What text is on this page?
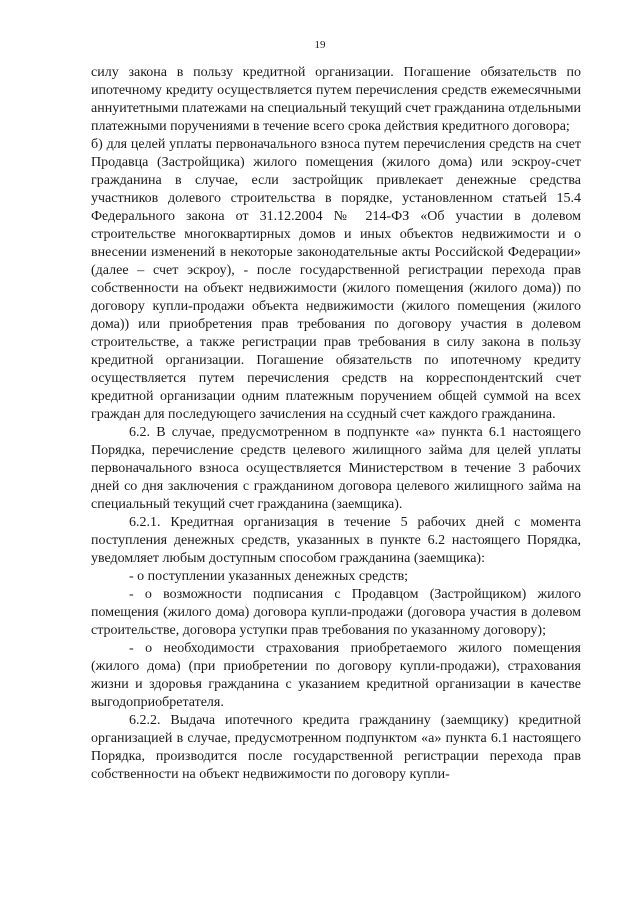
19

силу закона в пользу кредитной организации. Погашение обязательств по ипотечному кредиту осуществляется путем перечисления средств ежемесячными аннуитетными платежами на специальный текущий счет гражданина отдельными платежными поручениями в течение всего срока действия кредитного договора;

б) для целей уплаты первоначального взноса путем перечисления средств на счет Продавца (Застройщика) жилого помещения (жилого дома) или эскроу-счет гражданина в случае, если застройщик привлекает денежные средства участников долевого строительства в порядке, установленном статьей 15.4 Федерального закона от 31.12.2004 № 214-ФЗ «Об участии в долевом строительстве многоквартирных домов и иных объектов недвижимости и о внесении изменений в некоторые законодательные акты Российской Федерации» (далее – счет эскроу), - после государственной регистрации перехода прав собственности на объект недвижимости (жилого помещения (жилого дома)) по договору купли-продажи объекта недвижимости (жилого помещения (жилого дома)) или приобретения прав требования по договору участия в долевом строительстве, а также регистрации прав требования в силу закона в пользу кредитной организации. Погашение обязательств по ипотечному кредиту осуществляется путем перечисления средств на корреспондентский счет кредитной организации одним платежным поручением общей суммой на всех граждан для последующего зачисления на ссудный счет каждого гражданина.

6.2. В случае, предусмотренном в подпункте «а» пункта 6.1 настоящего Порядка, перечисление средств целевого жилищного займа для целей уплаты первоначального взноса осуществляется Министерством в течение 3 рабочих дней со дня заключения с гражданином договора целевого жилищного займа на специальный текущий счет гражданина (заемщика).

6.2.1. Кредитная организация в течение 5 рабочих дней с момента поступления денежных средств, указанных в пункте 6.2 настоящего Порядка, уведомляет любым доступным способом гражданина (заемщика):

- о поступлении указанных денежных средств;

- о возможности подписания с Продавцом (Застройщиком) жилого помещения (жилого дома) договора купли-продажи (договора участия в долевом строительстве, договора уступки прав требования по указанному договору);

- о необходимости страхования приобретаемого жилого помещения (жилого дома) (при приобретении по договору купли-продажи), страхования жизни и здоровья гражданина с указанием кредитной организации в качестве выгодоприобретателя.

6.2.2. Выдача ипотечного кредита гражданину (заемщику) кредитной организацией в случае, предусмотренном подпунктом «а» пункта 6.1 настоящего Порядка, производится после государственной регистрации перехода прав собственности на объект недвижимости по договору купли-
